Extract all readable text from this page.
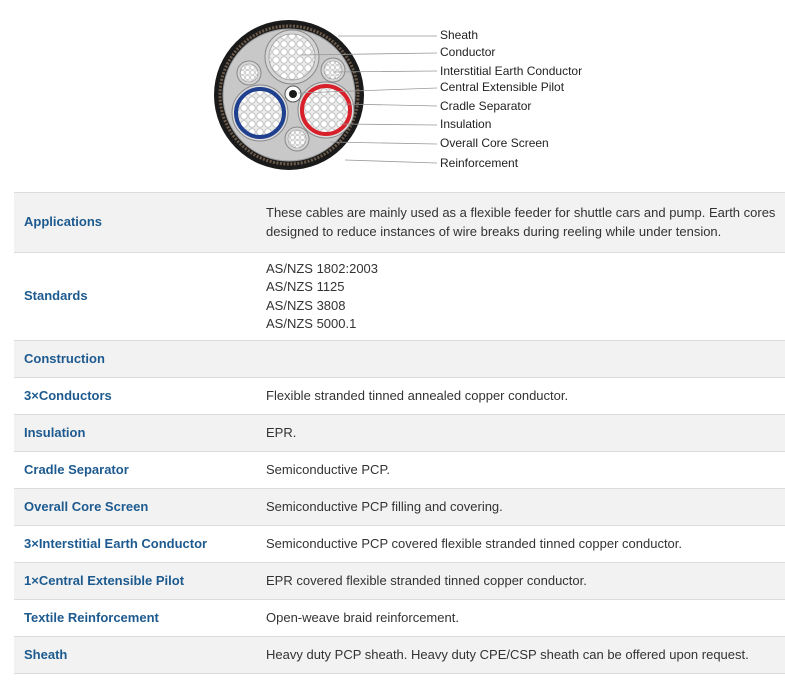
Sheath
Conductor
Interstitial Earth Conductor
Central Extensible Pilot
Cradle Separator
Insulation
Overall Core Screen
Reinforcement
Applications	These cables are mainly used as a flexible feeder for shuttle cars and pump. Earth cores designed to reduce instances of wire breaks during reeling while under tension.
Standards	AS/NZS 1802:2003
AS/NZS 1125
AS/NZS 3808
AS/NZS 5000.1

Construction	
3×Conductors	Flexible stranded tinned annealed copper conductor.
Insulation	EPR.
Cradle Separator	Semiconductive PCP.
Overall Core Screen	Semiconductive PCP filling and covering.
3×Interstitial Earth Conductor	Semiconductive PCP covered flexible stranded tinned copper conductor.
1×Central Extensible Pilot	EPR covered flexible stranded tinned copper conductor.
Textile Reinforcement	Open-weave braid reinforcement.
Sheath	Heavy duty PCP sheath. Heavy duty CPE/CSP sheath can be offered upon request.
